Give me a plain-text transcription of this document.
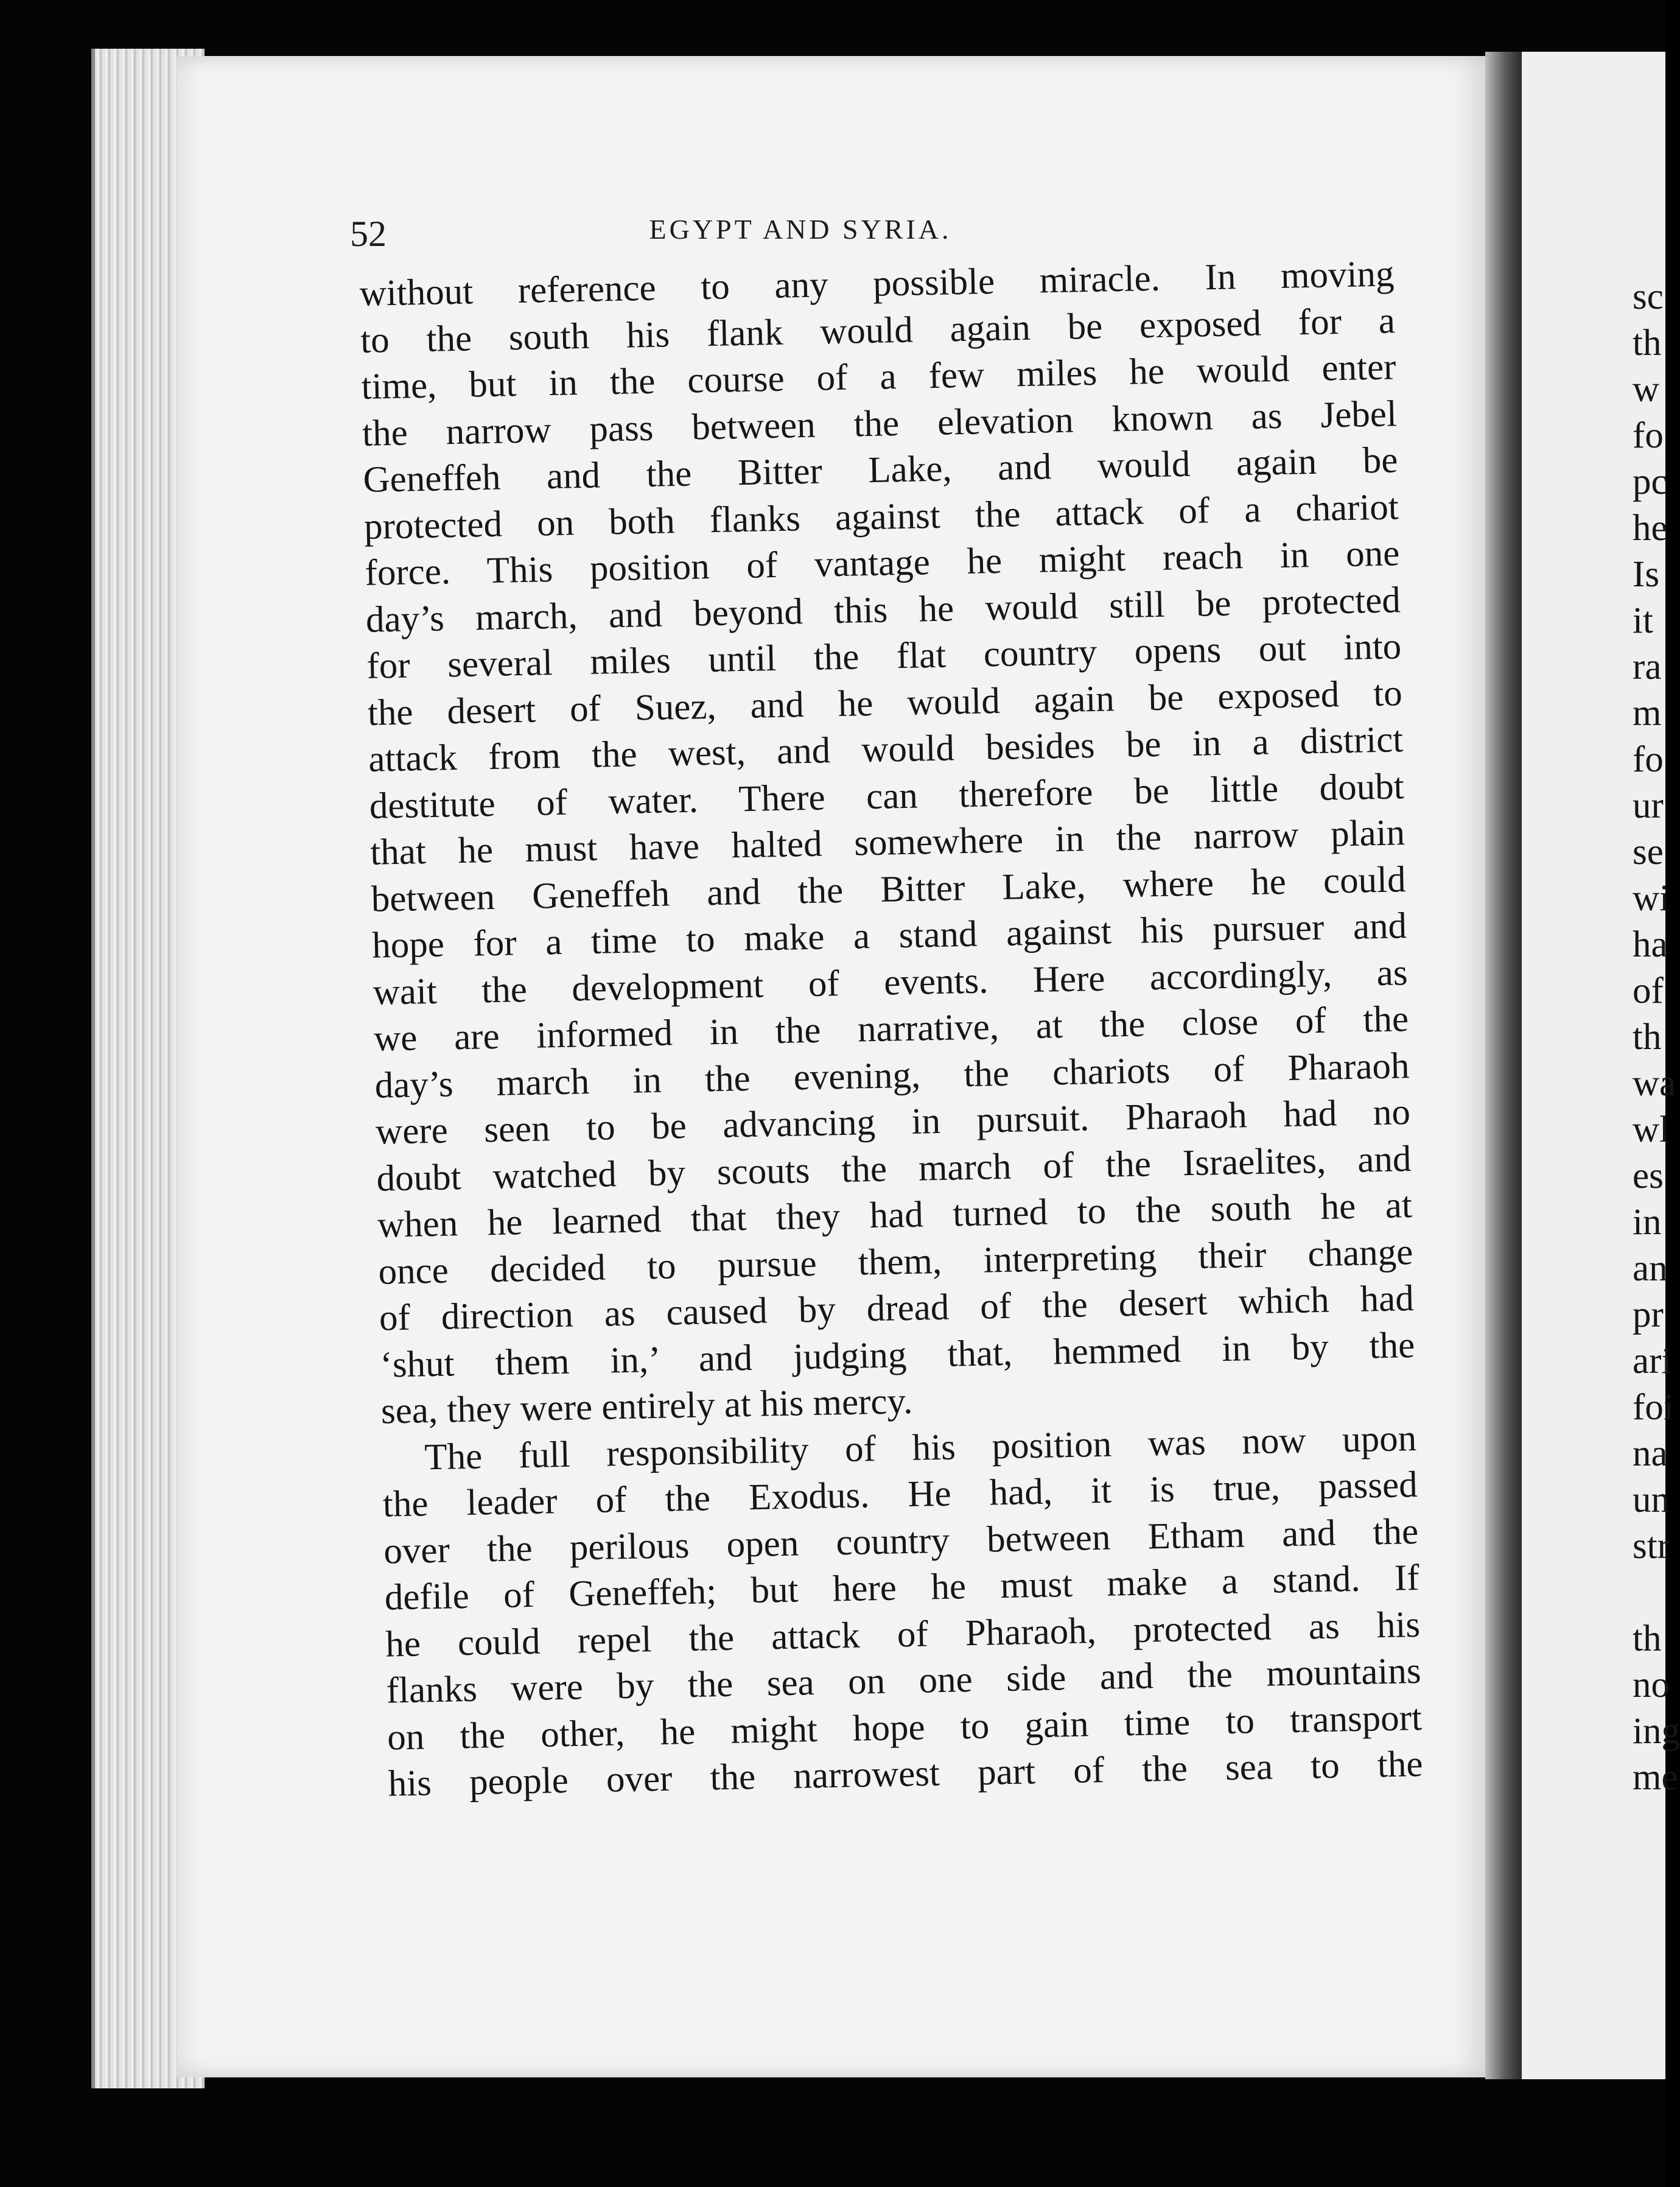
52	EGYPT AND SYRIA.
without reference to any possible miracle. In moving
to the south his flank would again be exposed for a
time, but in the course of a few miles he would enter
the narrow pass between the elevation known as Jebel
Geneffeh and the Bitter Lake, and would again be
protected on both flanks against the attack of a chariot
force. This position of vantage he might reach in one
day’s march, and beyond this he would still be protected
for several miles until the flat country opens out into
the desert of Suez, and he would again be exposed to
attack from the west, and would besides be in a district
destitute of water. There can therefore be little doubt
that he must have halted somewhere in the narrow plain
between Geneffeh and the Bitter Lake, where he could
hope for a time to make a stand against his pursuer and
wait the development of events. Here accordingly, as
we are informed in the narrative, at the close of the
day’s march in the evening, the chariots of Pharaoh
were seen to be advancing in pursuit. Pharaoh had no
doubt watched by scouts the march of the Israelites, and
when he learned that they had turned to the south he at
once decided to pursue them, interpreting their change
of direction as caused by dread of the desert which had
‘shut them in,’ and judging that, hemmed in by the
sea, they were entirely at his mercy.
The full responsibility of his position was now upon
the leader of the Exodus. He had, it is true, passed
over the perilous open country between Etham and the
defile of Geneffeh; but here he must make a stand. If
he could repel the attack of Pharaoh, protected as his
flanks were by the sea on one side and the mountains
on the other, he might hope to gain time to transport
his people over the narrowest part of the sea to the
sc
th
w
fo
pc
he
Is
it
ra
m
fo
ur
se
wi
ha
of
th
wa
wl
es
in
an
pr
ari
foi
na
un
str
th
no
ing
me
